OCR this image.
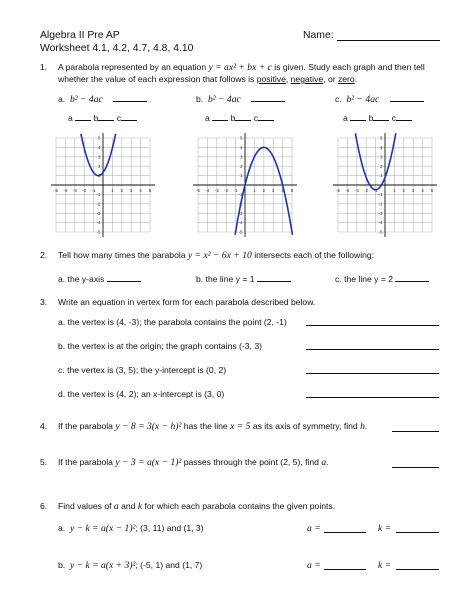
Algebra II Pre AP
Worksheet 4.1, 4.2, 4.7, 4.8, 4.10
Name:
1. A parabola represented by an equation y = ax² + bx + c is given. Study each graph and then tell
whether the value of each expression that follows is positive, negative, or zero.
a. b² − 4ac	b. b² − 4ac	c. b² − 4ac
a b c	a b c	a b c
-5
-5
-4
-4
-3
-3
-2
-2
-1
-1
1
1
2
2
3
3
4
4
5
5
-5
-5
-4
-4
-3
-3
-2
-2
-1
-1
1
1
2
2
3
3
4
4
5
5
-5
-5
-4
-4
-3
-3
-2
-2
-1
-1
1
1
2
2
3
3
4
4
5
5
2. Tell how many times the parabola y = x² − 6x + 10 intersects each of the following:
a. the y-axis	b. the line y = 1	c. the line y = 2
3. Write an equation in vertex form for each parabola described below.
a. the vertex is (4, -3); the parabola contains the point (2, -1)
b. the vertex is at the origin; the graph contains (-3, 3)
c. the vertex is (3, 5); the y-intercept is (0, 2)
d. the vertex is (4, 2); an x-intercept is (3, 0)
4. If the parabola y − 8 = 3(x − h)² has the line x = 5 as its axis of symmetry, find h.
5. If the parabola y − 3 = a(x − 1)² passes through the point (2, 5), find a.
6. Find values of a and k for which each parabola contains the given points.
a. y − k = a(x − 1)²; (3, 11) and (1, 3)	a =	k =
b. y − k = a(x + 3)²; (-5, 1) and (1, 7)	a =	k =
